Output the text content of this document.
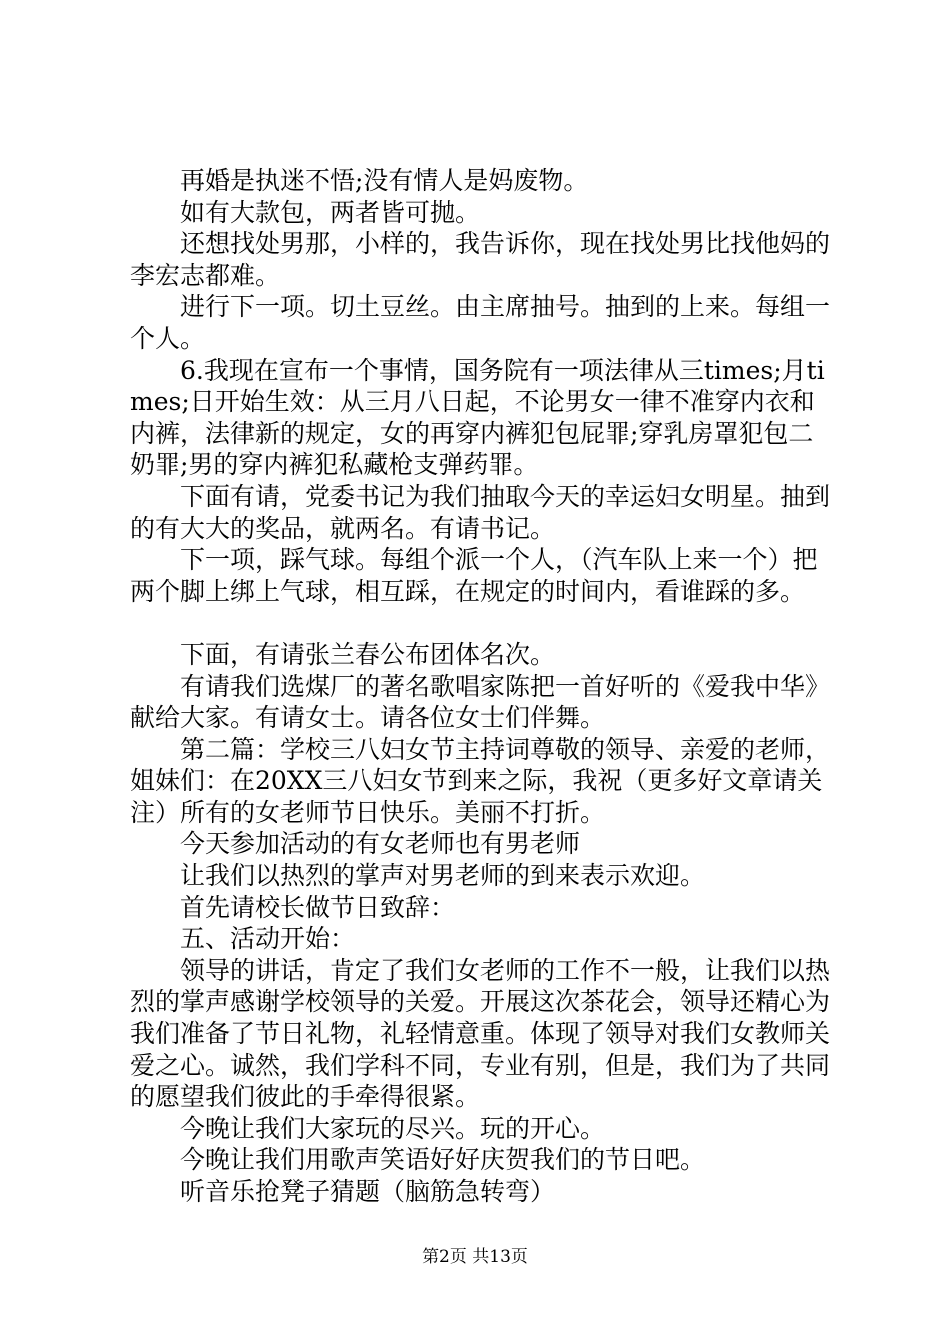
再婚是执迷不悟;没有情人是妈废物。

如有大款包，两者皆可抛。

还想找处男那，小样的，我告诉你，现在找处男比找他妈的李宏志都难。

进行下一项。切土豆丝。由主席抽号。抽到的上来。每组一个人。

6.我现在宣布一个事情，国务院有一项法律从三times;月times;日开始生效：从三月八日起，不论男女一律不准穿内衣和内裤，法律新的规定，女的再穿内裤犯包屁罪;穿乳房罩犯包二奶罪;男的穿内裤犯私藏枪支弹药罪。

下面有请，党委书记为我们抽取今天的幸运妇女明星。抽到的有大大的奖品，就两名。有请书记。

下一项，踩气球。每组个派一个人，（汽车队上来一个）把两个脚上绑上气球，相互踩，在规定的时间内，看谁踩的多。

下面，有请张兰春公布团体名次。

有请我们选煤厂的著名歌唱家陈把一首好听的《爱我中华》献给大家。有请女士。请各位女士们伴舞。

第二篇：学校三八妇女节主持词尊敬的领导、亲爱的老师，姐妹们：在20XX三八妇女节到来之际，我祝（更多好文章请关注）所有的女老师节日快乐。美丽不打折。

今天参加活动的有女老师也有男老师

让我们以热烈的掌声对男老师的到来表示欢迎。

首先请校长做节日致辞：

五、活动开始：

领导的讲话，肯定了我们女老师的工作不一般，让我们以热烈的掌声感谢学校领导的关爱。开展这次茶花会，领导还精心为我们准备了节日礼物，礼轻情意重。体现了领导对我们女教师关爱之心。诚然，我们学科不同，专业有别，但是，我们为了共同的愿望我们彼此的手牵得很紧。

今晚让我们大家玩的尽兴。玩的开心。

今晚让我们用歌声笑语好好庆贺我们的节日吧。

听音乐抢凳子猜题（脑筋急转弯）

第2页 共13页
